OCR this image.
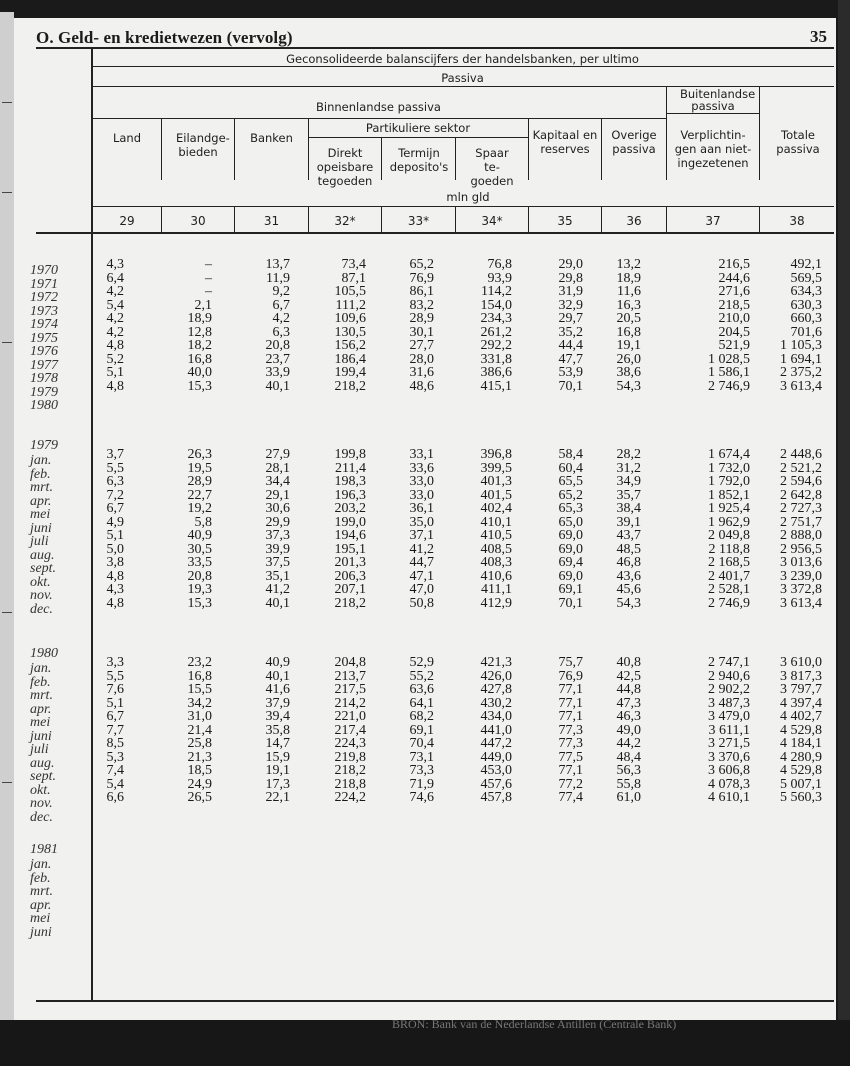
O. Geld- en kredietwezen (vervolg)	35
Geconsolideerde balanscijfers der handelsbanken, per ultimo
Passiva
Binnenlandse passiva
Buitenlandse passiva
Partikuliere sektor
Land	Eilandge- bieden
Banken
Direkt opeisbare tegoeden
Termijn deposito's
Spaar te- goeden
Kapitaal en reserves
Overige passiva
Verplichtin- gen aan niet- ingezetenen
Totale passiva
mln gld
29	30	31	32*	33*	34*	35	36	37	38
1970	4,3	–	13,7	73,4	65,2	76,8	29,0	13,2	216,5	492,1
1971	6,4	–	11,9	87,1	76,9	93,9	29,8	18,9	244,6	569,5
1972	4,2	–	9,2	105,5	86,1	114,2	31,9	11,6	271,6	634,3
1973	5,4	2,1	6,7	111,2	83,2	154,0	32,9	16,3	218,5	630,3
1974	4,2	18,9	4,2	109,6	28,9	234,3	29,7	20,5	210,0	660,3
1975	4,2	12,8	6,3	130,5	30,1	261,2	35,2	16,8	204,5	701,6
1976	4,8	18,2	20,8	156,2	27,7	292,2	44,4	19,1	521,9	1 105,3
1977	5,2	16,8	23,7	186,4	28,0	331,8	47,7	26,0	1 028,5	1 694,1
1978	5,1	40,0	33,9	199,4	31,6	386,6	53,9	38,6	1 586,1	2 375,2
1979	4,8	15,3	40,1	218,2	48,6	415,1	70,1	54,3	2 746,9	3 613,4
1980
1979
jan.	3,7	26,3	27,9	199,8	33,1	396,8	58,4	28,2	1 674,4	2 448,6
feb.	5,5	19,5	28,1	211,4	33,6	399,5	60,4	31,2	1 732,0	2 521,2
mrt.	6,3	28,9	34,4	198,3	33,0	401,3	65,5	34,9	1 792,0	2 594,6
apr.	7,2	22,7	29,1	196,3	33,0	401,5	65,2	35,7	1 852,1	2 642,8
mei	6,7	19,2	30,6	203,2	36,1	402,4	65,3	38,4	1 925,4	2 727,3
juni	4,9	5,8	29,9	199,0	35,0	410,1	65,0	39,1	1 962,9	2 751,7
juli	5,1	40,9	37,3	194,6	37,1	410,5	69,0	43,7	2 049,8	2 888,0
aug.	5,0	30,5	39,9	195,1	41,2	408,5	69,0	48,5	2 118,8	2 956,5
sept.	3,8	33,5	37,5	201,3	44,7	408,3	69,4	46,8	2 168,5	3 013,6
okt.	4,8	20,8	35,1	206,3	47,1	410,6	69,0	43,6	2 401,7	3 239,0
nov.	4,3	19,3	41,2	207,1	47,0	411,1	69,1	45,6	2 528,1	3 372,8
dec.	4,8	15,3	40,1	218,2	50,8	412,9	70,1	54,3	2 746,9	3 613,4
1980
jan.	3,3	23,2	40,9	204,8	52,9	421,3	75,7	40,8	2 747,1	3 610,0
feb.	5,5	16,8	40,1	213,7	55,2	426,0	76,9	42,5	2 940,6	3 817,3
mrt.	7,6	15,5	41,6	217,5	63,6	427,8	77,1	44,8	2 902,2	3 797,7
apr.	5,1	34,2	37,9	214,2	64,1	430,2	77,1	47,3	3 487,3	4 397,4
mei	6,7	31,0	39,4	221,0	68,2	434,0	77,1	46,3	3 479,0	4 402,7
juni	7,7	21,4	35,8	217,4	69,1	441,0	77,3	49,0	3 611,1	4 529,8
juli	8,5	25,8	14,7	224,3	70,4	447,2	77,3	44,2	3 271,5	4 184,1
aug.	5,3	21,3	15,9	219,8	73,1	449,0	77,5	48,4	3 370,6	4 280,9
sept.	7,4	18,5	19,1	218,2	73,3	453,0	77,1	56,3	3 606,8	4 529,8
okt.	5,4	24,9	17,3	218,8	71,9	457,6	77,2	55,8	4 078,3	5 007,1
nov.	6,6	26,5	22,1	224,2	74,6	457,8	77,4	61,0	4 610,1	5 560,3
dec.
1981
jan.
feb.
mrt.
apr.
mei
juni
BRON: Bank van de Nederlandse Antillen (Centrale Bank)
